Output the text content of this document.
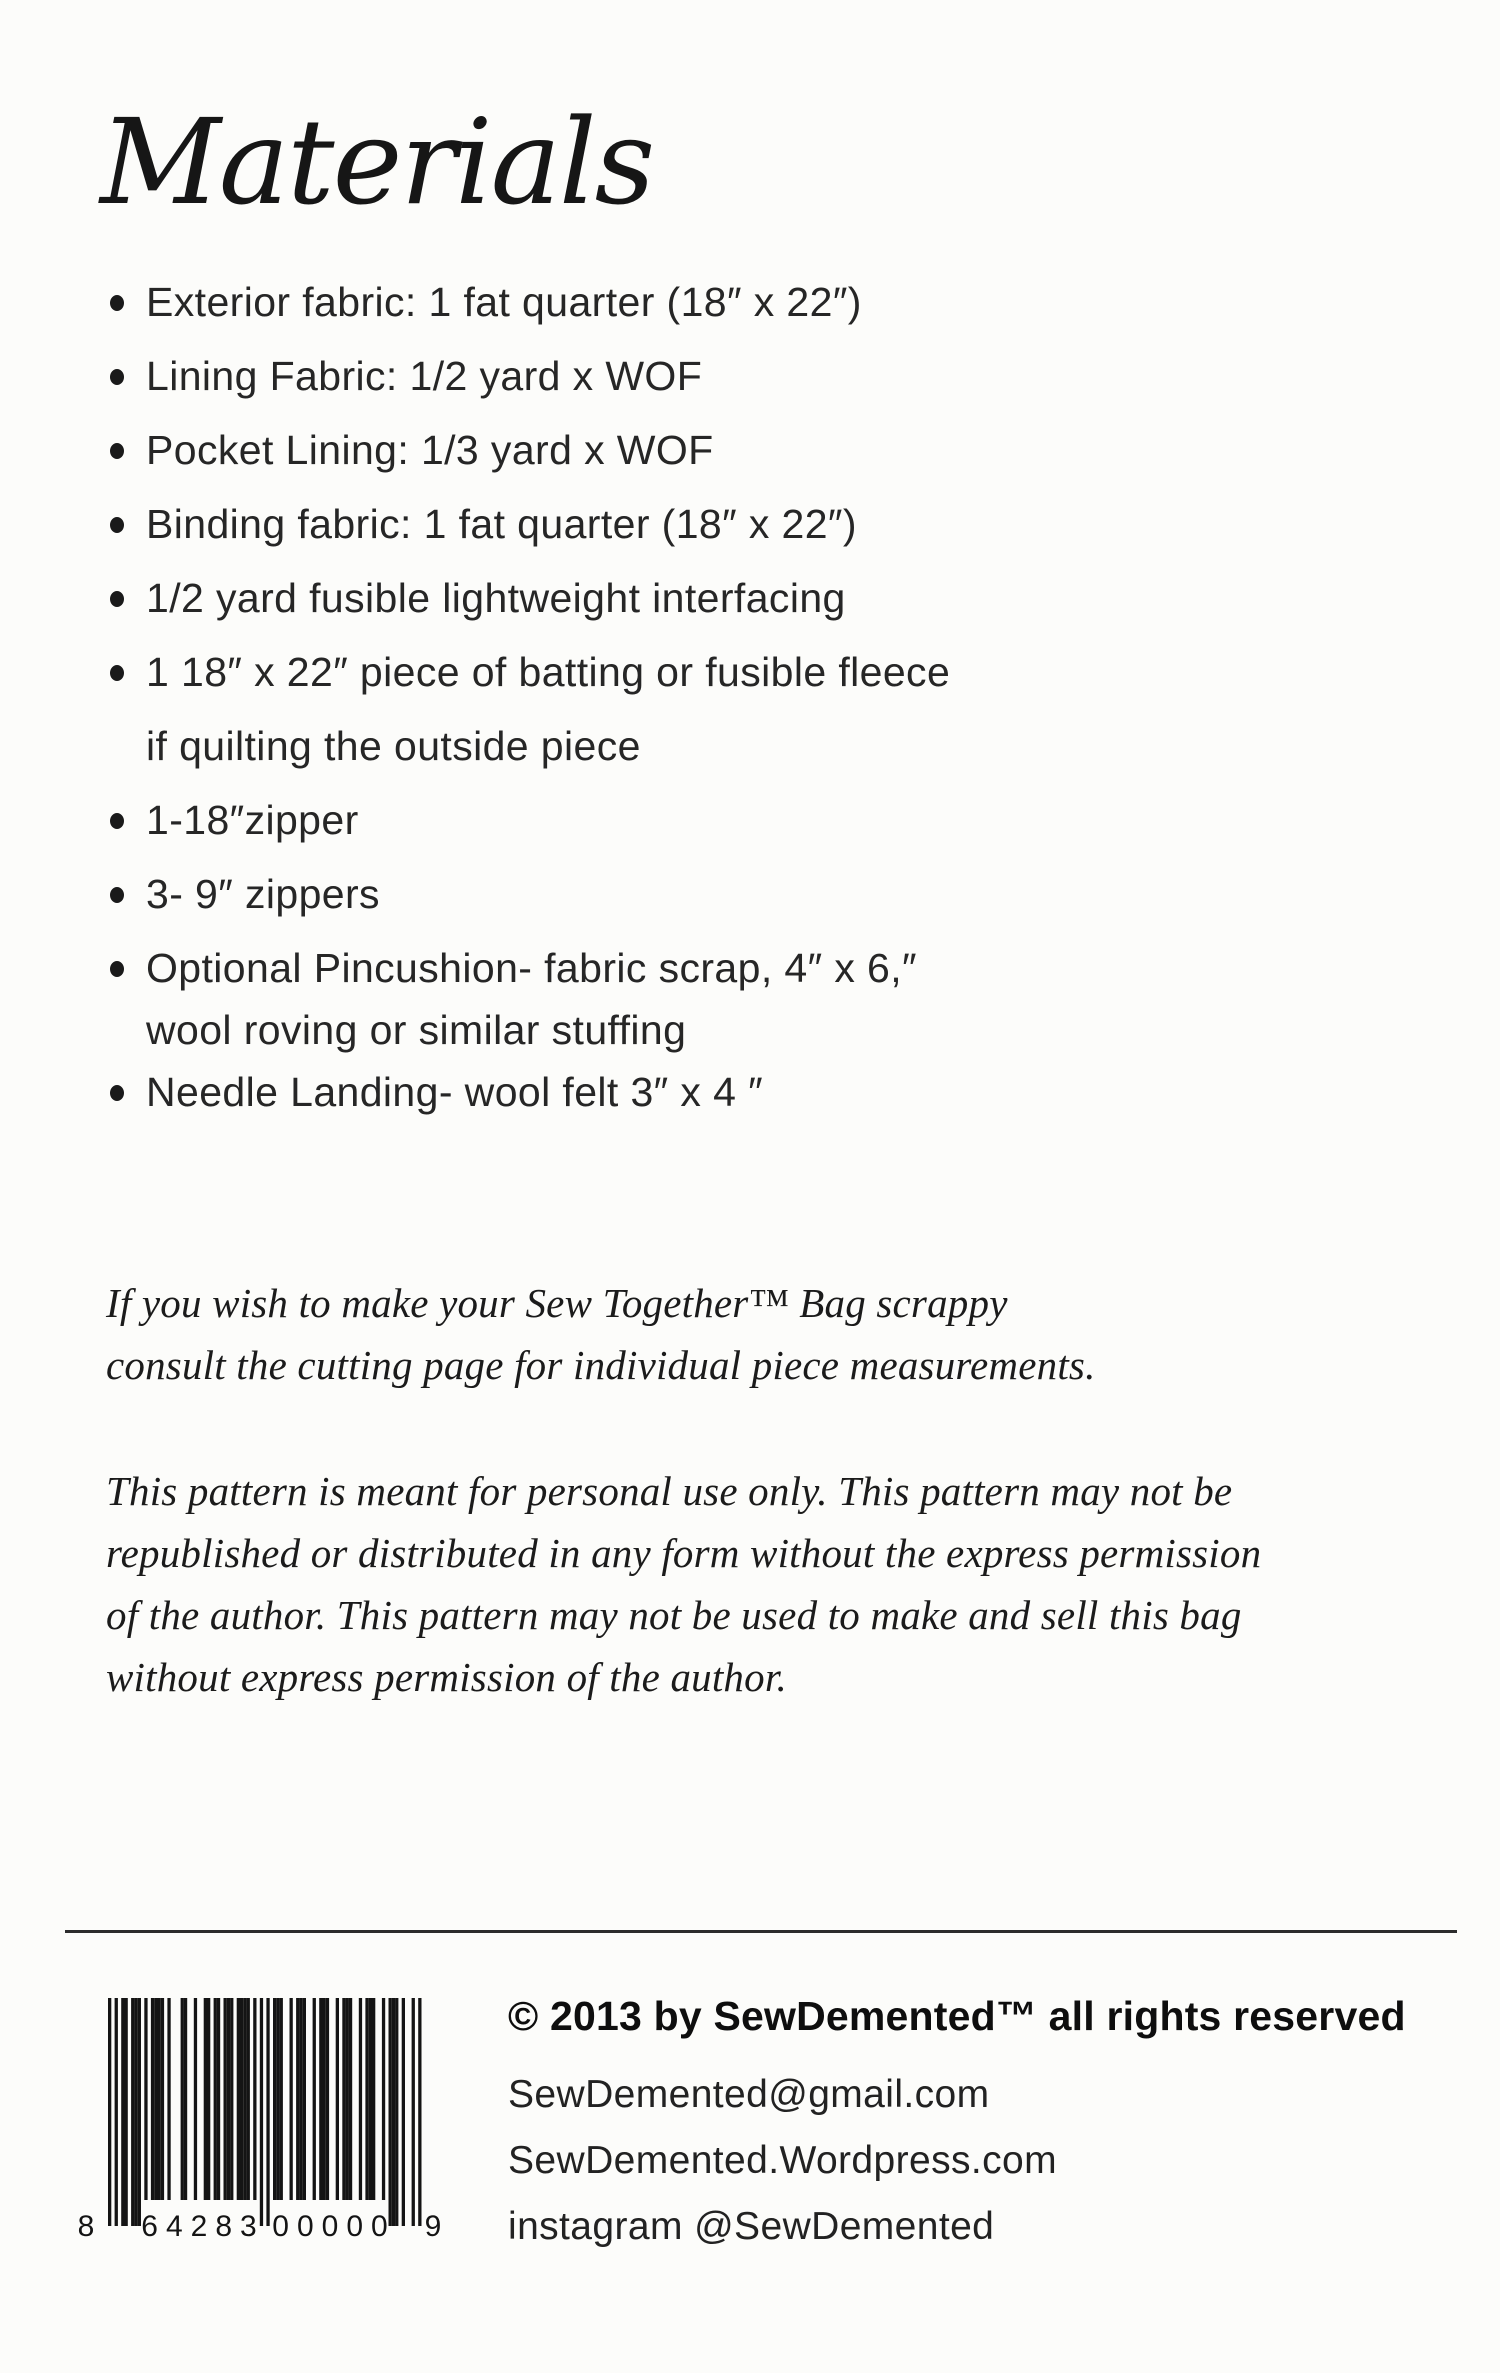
Materials
Exterior fabric: 1 fat quarter (18″ x 22″)
Lining Fabric: 1/2 yard x WOF
Pocket Lining: 1/3 yard x WOF
Binding fabric: 1 fat quarter (18″ x 22″)
1/2 yard fusible lightweight interfacing
1 18″ x 22″ piece of batting or fusible fleece
if quilting the outside piece
1-18″zipper
3- 9″ zippers
Optional Pincushion- fabric scrap, 4″ x 6,″
wool roving or similar stuffing
Needle Landing- wool felt 3″ x 4 ″
If you wish to make your Sew Together™ Bag scrappy
consult the cutting page for individual piece measurements.
This pattern is meant for personal use only. This pattern may not be
republished or distributed in any form without the express permission
of the author. This pattern may not be used to make and sell this bag
without express permission of the author.
8 64283 00000 9
© 2013 by SewDemented™ all rights reserved
SewDemented@gmail.com
SewDemented.Wordpress.com
instagram @SewDemented
